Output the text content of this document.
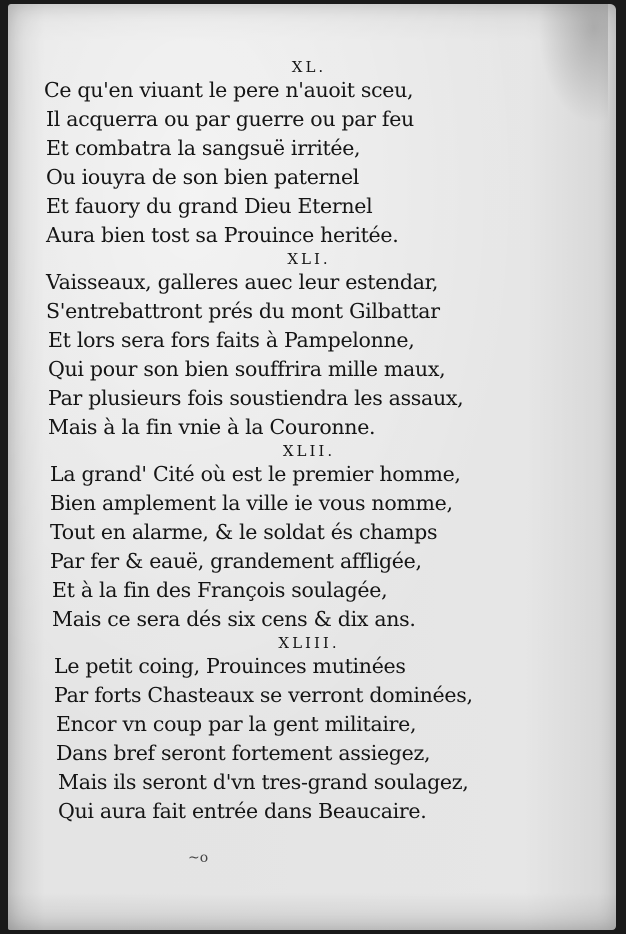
XL.
Ce qu'en viuant le pere n'auoit sceu,
Il acquerra ou par guerre ou par feu
Et combatra la sangsuë irritée,
Ou iouyra de son bien paternel
Et fauory du grand Dieu Eternel
Aura bien tost sa Prouince heritée.
XLI.
Vaisseaux, galleres auec leur estendar,
S'entrebattront prés du mont Gilbattar
Et lors sera fors faits à Pampelonne,
Qui pour son bien souffrira mille maux,
Par plusieurs fois soustiendra les assaux,
Mais à la fin vnie à la Couronne.
XLII.
La grand' Cité où est le premier homme,
Bien amplement la ville ie vous nomme,
Tout en alarme, & le soldat és champs
Par fer & eauë, grandement affligée,
Et à la fin des François soulagée,
Mais ce sera dés six cens & dix ans.
XLIII.
Le petit coing, Prouinces mutinées
Par forts Chasteaux se verront dominées,
Encor vn coup par la gent militaire,
Dans bref seront fortement assiegez,
Mais ils seront d'vn tres-grand soulagez,
Qui aura fait entrée dans Beaucaire.
~o
